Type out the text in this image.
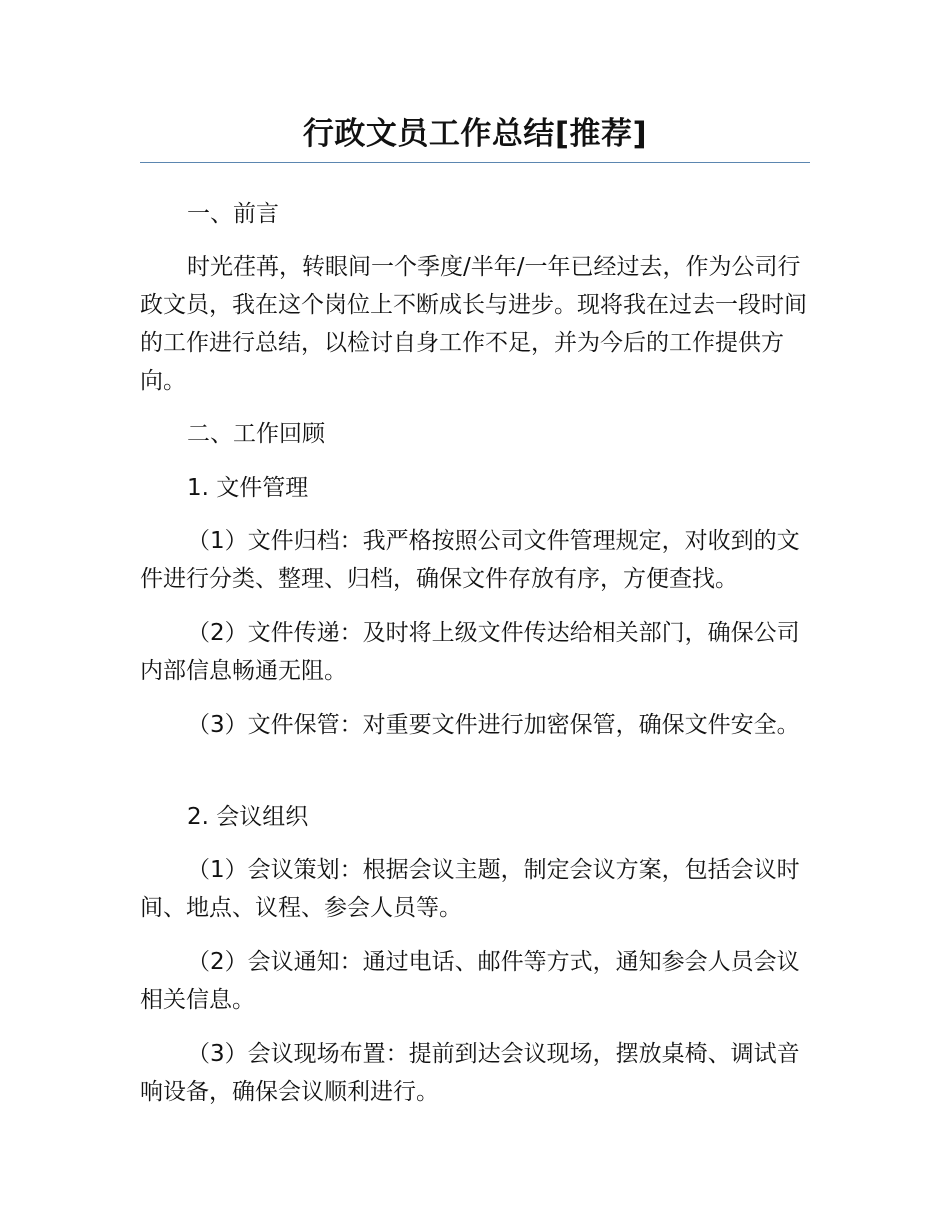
行政文员工作总结[推荐]

一、前言

时光荏苒，转眼间一个季度/半年/一年已经过去，作为公司行政文员，我在这个岗位上不断成长与进步。现将我在过去一段时间的工作进行总结，以检讨自身工作不足，并为今后的工作提供方向。

二、工作回顾

1. 文件管理

（1）文件归档：我严格按照公司文件管理规定，对收到的文件进行分类、整理、归档，确保文件存放有序，方便查找。

（2）文件传递：及时将上级文件传达给相关部门，确保公司内部信息畅通无阻。

（3）文件保管：对重要文件进行加密保管，确保文件安全。

2. 会议组织

（1）会议策划：根据会议主题，制定会议方案，包括会议时间、地点、议程、参会人员等。

（2）会议通知：通过电话、邮件等方式，通知参会人员会议相关信息。

（3）会议现场布置：提前到达会议现场，摆放桌椅、调试音响设备，确保会议顺利进行。
